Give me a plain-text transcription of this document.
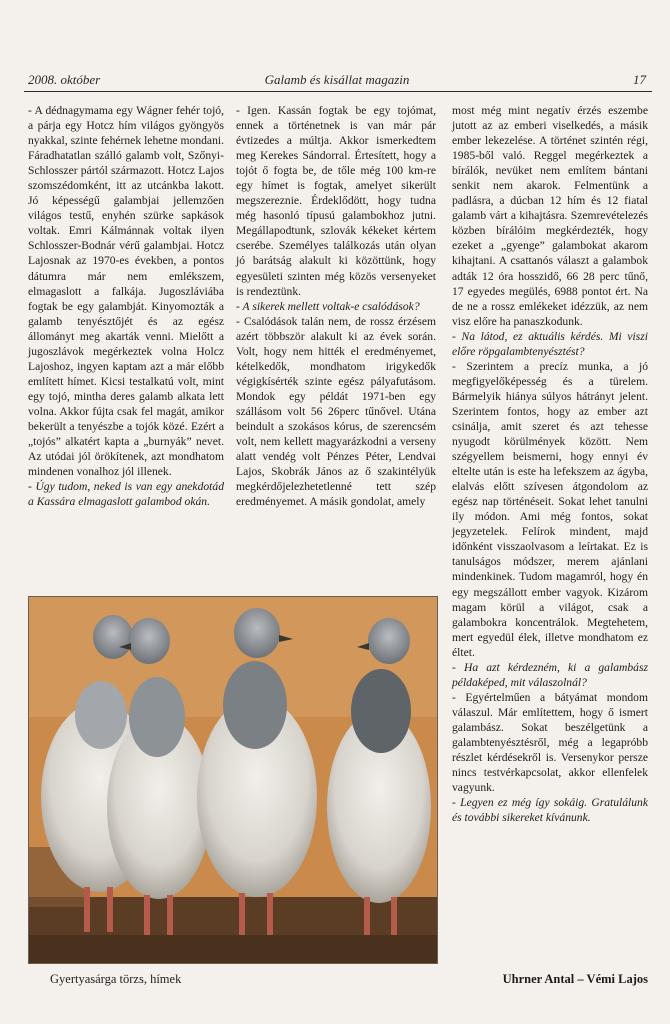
2008. október	Galamb és kisállat magazin	17

- A dédnagymama egy Wágner fehér tojó, a párja egy Hotcz hím világos gyöngyös nyakkal, szinte fehérnek lehetne mondani. Fáradhatatlan szálló galamb volt, Szőnyi-Schlosszer pártól származott. Hotcz Lajos szomszédomként, itt az utcánkba lakott. Jó képességű galambjai jellemzően világos testű, enyhén szürke sapkások voltak. Emri Kálmánnak voltak ilyen Schlosszer-Bodnár vérű galambjai. Hotcz Lajosnak az 1970-es években, a pontos dátumra már nem emlékszem, elmagaslott a falkája. Jugoszláviába fogtak be egy galambját. Kinyomozták a galamb tenyésztőjét és az egész állományt meg akarták venni. Mielőtt a jugoszlávok megérkeztek volna Holcz Lajoshoz, ingyen kaptam azt a már előbb említett hímet. Kicsi testalkatú volt, mint egy tojó, mintha deres galamb alkata lett volna. Akkor fújta csak fel magát, amikor bekerült a tenyészbe a tojók közé. Ezért a „tojós” alkatért kapta a „burnyák” nevet. Az utódai jól örökítenek, azt mondhatom mindenen vonalhoz jól illenek.

- Úgy tudom, neked is van egy anekdotád a Kassára elmagaslott galambod okán.

- Igen. Kassán fogtak be egy tojómat, ennek a történetnek is van már pár évtizedes a múltja. Akkor ismerkedtem meg Kerekes Sándorral. Értesített, hogy a tojót ő fogta be, de tőle még 100 km-re egy hímet is fogtak, amelyet sikerült megszereznie. Érdeklődött, hogy tudna még hasonló típusú galambokhoz jutni. Megállapodtunk, szlovák kékeket kértem cserébe. Személyes találkozás után olyan jó barátság alakult ki közöttünk, hogy egyesületi szinten még közös versenyeket is rendeztünk.

- A sikerek mellett voltak-e csalódások?

- Csalódások talán nem, de rossz érzésem azért többször alakult ki az évek során. Volt, hogy nem hitték el eredményemet, kételkedők, mondhatom irigykedők végigkísérték szinte egész pályafutásom. Mondok egy példát 1971-ben egy szállásom volt 56 26perc tűnővel. Utána beindult a szokásos kórus, de szerencsém volt, nem kellett magyarázkodni a verseny alatt vendég volt Pénzes Péter, Lendvai Lajos, Skobrák János az ő szakintélyük megkérdőjelezhetetlenné tett szép eredményemet. A másik gondolat, amely

most még mint negatív érzés eszembe jutott az az emberi viselkedés, a másik ember lekezelése. A történet szintén régi, 1985-ből való. Reggel megérkeztek a bírálók, nevüket nem említem bántani senkit nem akarok. Felmentünk a padlásra, a dúcban 12 hím és 12 fiatal galamb várt a kihajtásra. Szemrevételezés közben bírálóim megkérdezték, hogy ezeket a „gyenge” galambokat akarom kihajtani. A csattanós választ a galambok adták 12 óra hosszidő, 66 28 perc tűnő, 17 egyedes megülés, 6988 pontot ért. Na de ne a rossz emlékeket idézzük, az nem visz előre ha panaszkodunk.

- Na látod, ez aktuális kérdés. Mi viszi előre röpgalambtenyésztést?

- Szerintem a precíz munka, a jó megfigyelőképesség és a türelem. Bármelyik hiánya súlyos hátrányt jelent. Szerintem fontos, hogy az ember azt csinálja, amit szeret és azt tehesse nyugodt körülmények között. Nem szégyellem beismerni, hogy ennyi év eltelte után is este ha lefekszem az ágyba, elalvás előtt szívesen átgondolom az egész nap történéseit. Sokat lehet tanulni ily módon. Ami még fontos, sokat jegyzetelek. Felírok mindent, majd időnként visszaolvasom a leírtakat. Ez is tanulságos módszer, merem ajánlani mindenkinek. Tudom magamról, hogy én egy megszállott ember vagyok. Kizárom magam körül a világot, csak a galambokra koncentrálok. Megtehetem, mert egyedül élek, illetve mondhatom ez éltet.

- Ha azt kérdezném, ki a galambász példaképed, mit válaszolnál?

- Egyértelműen a bátyámat mondom válaszul. Már említettem, hogy ő ismert galambász. Sokat beszélgetünk a galambtenyésztésről, még a legapróbb részlet kérdésekről is. Versenykor persze nincs testvérkapcsolat, akkor ellenfelek vagyunk.

- Legyen ez még így sokáig. Gratulálunk és további sikereket kívánunk.

Gyertyasárga törzs, hímek	Uhrner Antal – Vémi Lajos
